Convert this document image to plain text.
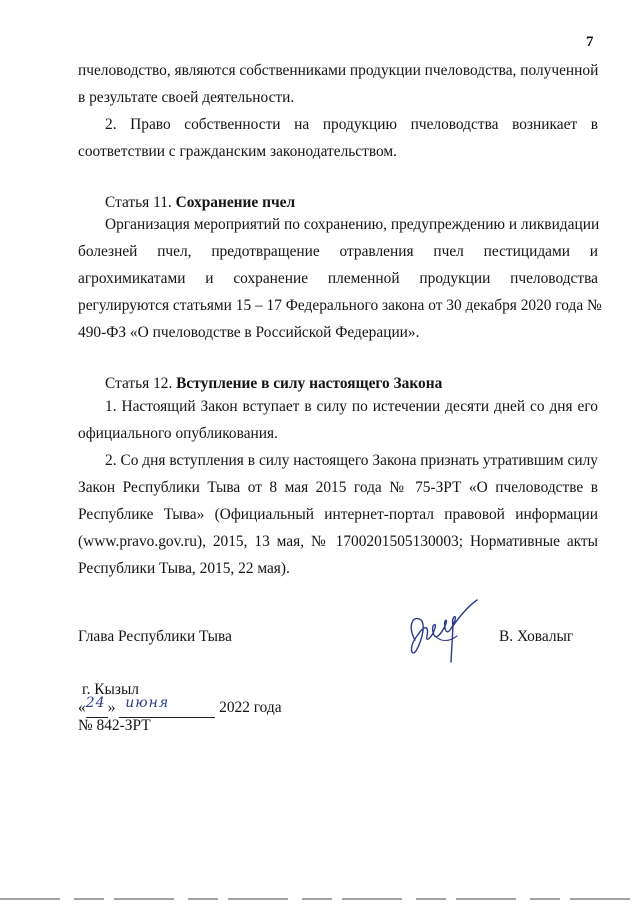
7
пчеловодство, являются собственниками продукции пчеловодства, полученной
в результате своей деятельности.
2. Право собственности на продукцию пчеловодства возникает в
соответствии с гражданским законодательством.
Статья 11. Сохранение пчел
Организация мероприятий по сохранению, предупреждению и ликвидации
болезней пчел, предотвращение отравления пчел пестицидами и
агрохимикатами и сохранение племенной продукции пчеловодства
регулируются статьями 15 – 17 Федерального закона от 30 декабря 2020 года №
490-ФЗ «О пчеловодстве в Российской Федерации».
Статья 12. Вступление в силу настоящего Закона
1. Настоящий Закон вступает в силу по истечении десяти дней со дня его
официального опубликования.
2. Со дня вступления в силу настоящего Закона признать утратившим силу
Закон Республики Тыва от 8 мая 2015 года № 75-ЗРТ «О пчеловодстве в
Республике Тыва» (Официальный интернет-портал правовой информации
(www.pravo.gov.ru), 2015, 13 мая, № 1700201505130003; Нормативные акты
Республики Тыва, 2015, 22 мая).
Глава Республики Тыва	В. Ховалыг
г. Кызыл
« 24 » июня	2022 года
№ 842-ЗРТ
